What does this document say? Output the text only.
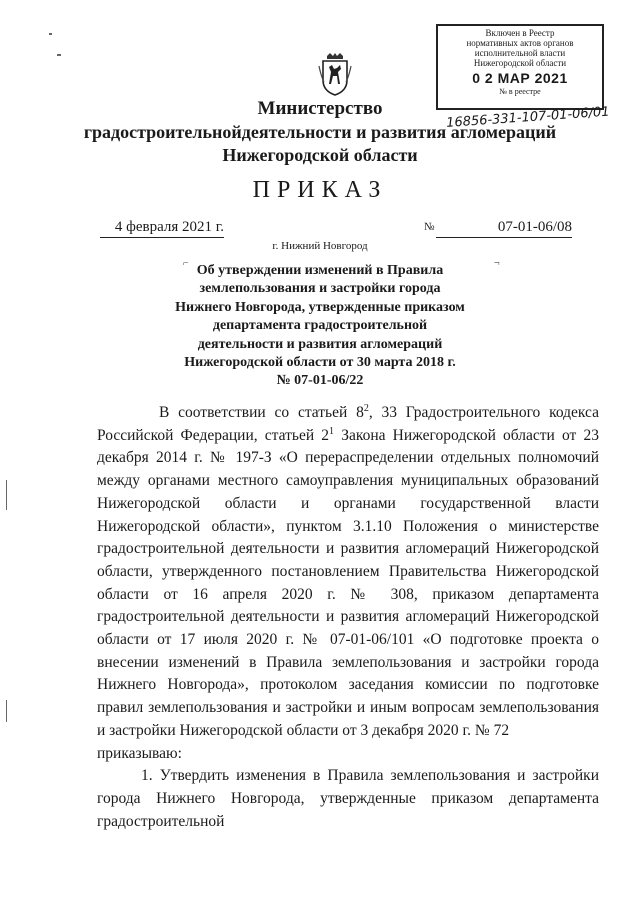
Включен в Реестр
нормативных актов органов
исполнительной власти
Нижегородской области
0 2 МАР 2021
№ в реестре
16856-331-107-01-06/01
Министерство
градостроительнойдеятельности и развития агломераций
Нижегородской области
ПРИКАЗ
4 февраля 2021 г.	№	07-01-06/08
г. Нижний Новгород
⌐	¬
Об утверждении изменений в Правила
землепользования и застройки города
Нижнего Новгорода, утвержденные приказом
департамента градостроительной
деятельности и развития агломераций
Нижегородской области от 30 марта 2018 г.
№ 07-01-06/22

В соответствии со статьей $8^2$, 33 Градостроительного кодекса Российской Федерации, статьей $2^1$ Закона Нижегородской области от 23 декабря 2014 г. № 197-З «О перераспределении отдельных полномочий между органами местного самоуправления муниципальных образований Нижегородской области и органами государственной власти Нижегородской области», пунктом 3.1.10 Положения о министерстве градостроительной деятельности и развития агломераций Нижегородской области, утвержденного постановлением Правительства Нижегородской области от 16 апреля 2020 г. № 308, приказом департамента градостроительной деятельности и развития агломераций Нижегородской области от 17 июля 2020 г. № 07-01-06/101 «О подготовке проекта о внесении изменений в Правила землепользования и застройки города Нижнего Новгорода», протоколом заседания комиссии по подготовке правил землепользования и застройки и иным вопросам землепользования и застройки Нижегородской области от 3 декабря 2020 г. № 72

приказываю:

1. Утвердить изменения в Правила землепользования и застройки города Нижнего Новгорода, утвержденные приказом департамента градостроительной
